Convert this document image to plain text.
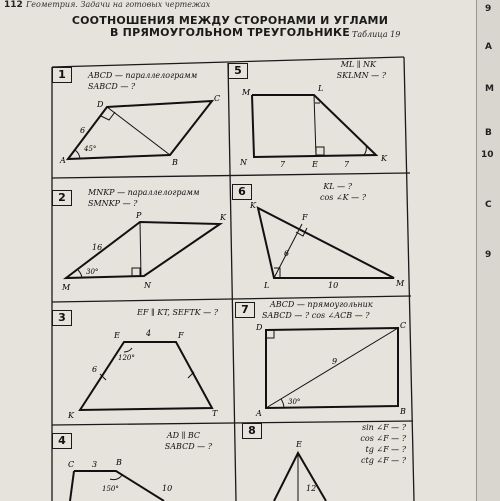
112 Геометрия. Задачи на готовых чертежах
СООТНОШЕНИЯ МЕЖДУ СТОРОНАМИ И УГЛАМИ
В ПРЯМОУГОЛЬНОМ ТРЕУГОЛЬНИКЕ Таблица 19
1	ABCD — параллелограмм
SABCD — ?
A	B
C
D
6
45°
5	ML ∥ NK
SKLMN — ?
M	L
N	E
K
7	7
2	MNKP — параллелограмм
SMNKP — ?
P	K
M	N
16
30°
6	KL — ?
cos ∠K — ?
K
F
L	M
6
10
3	EF ∥ KT, SEFTK — ?
E	F
K	T
4
6
120°
7	ABCD — прямоугольник
SABCD — ? cos ∠ACB — ?
D	C
A	B
9
30°
4	AD ∥ BC
SABCD — ?
C	B
3
150°	10
8	sin ∠F — ?
cos ∠F — ?
tg ∠F — ?
ctg ∠F — ?
E
12
9
A
M
B
10
C
9
